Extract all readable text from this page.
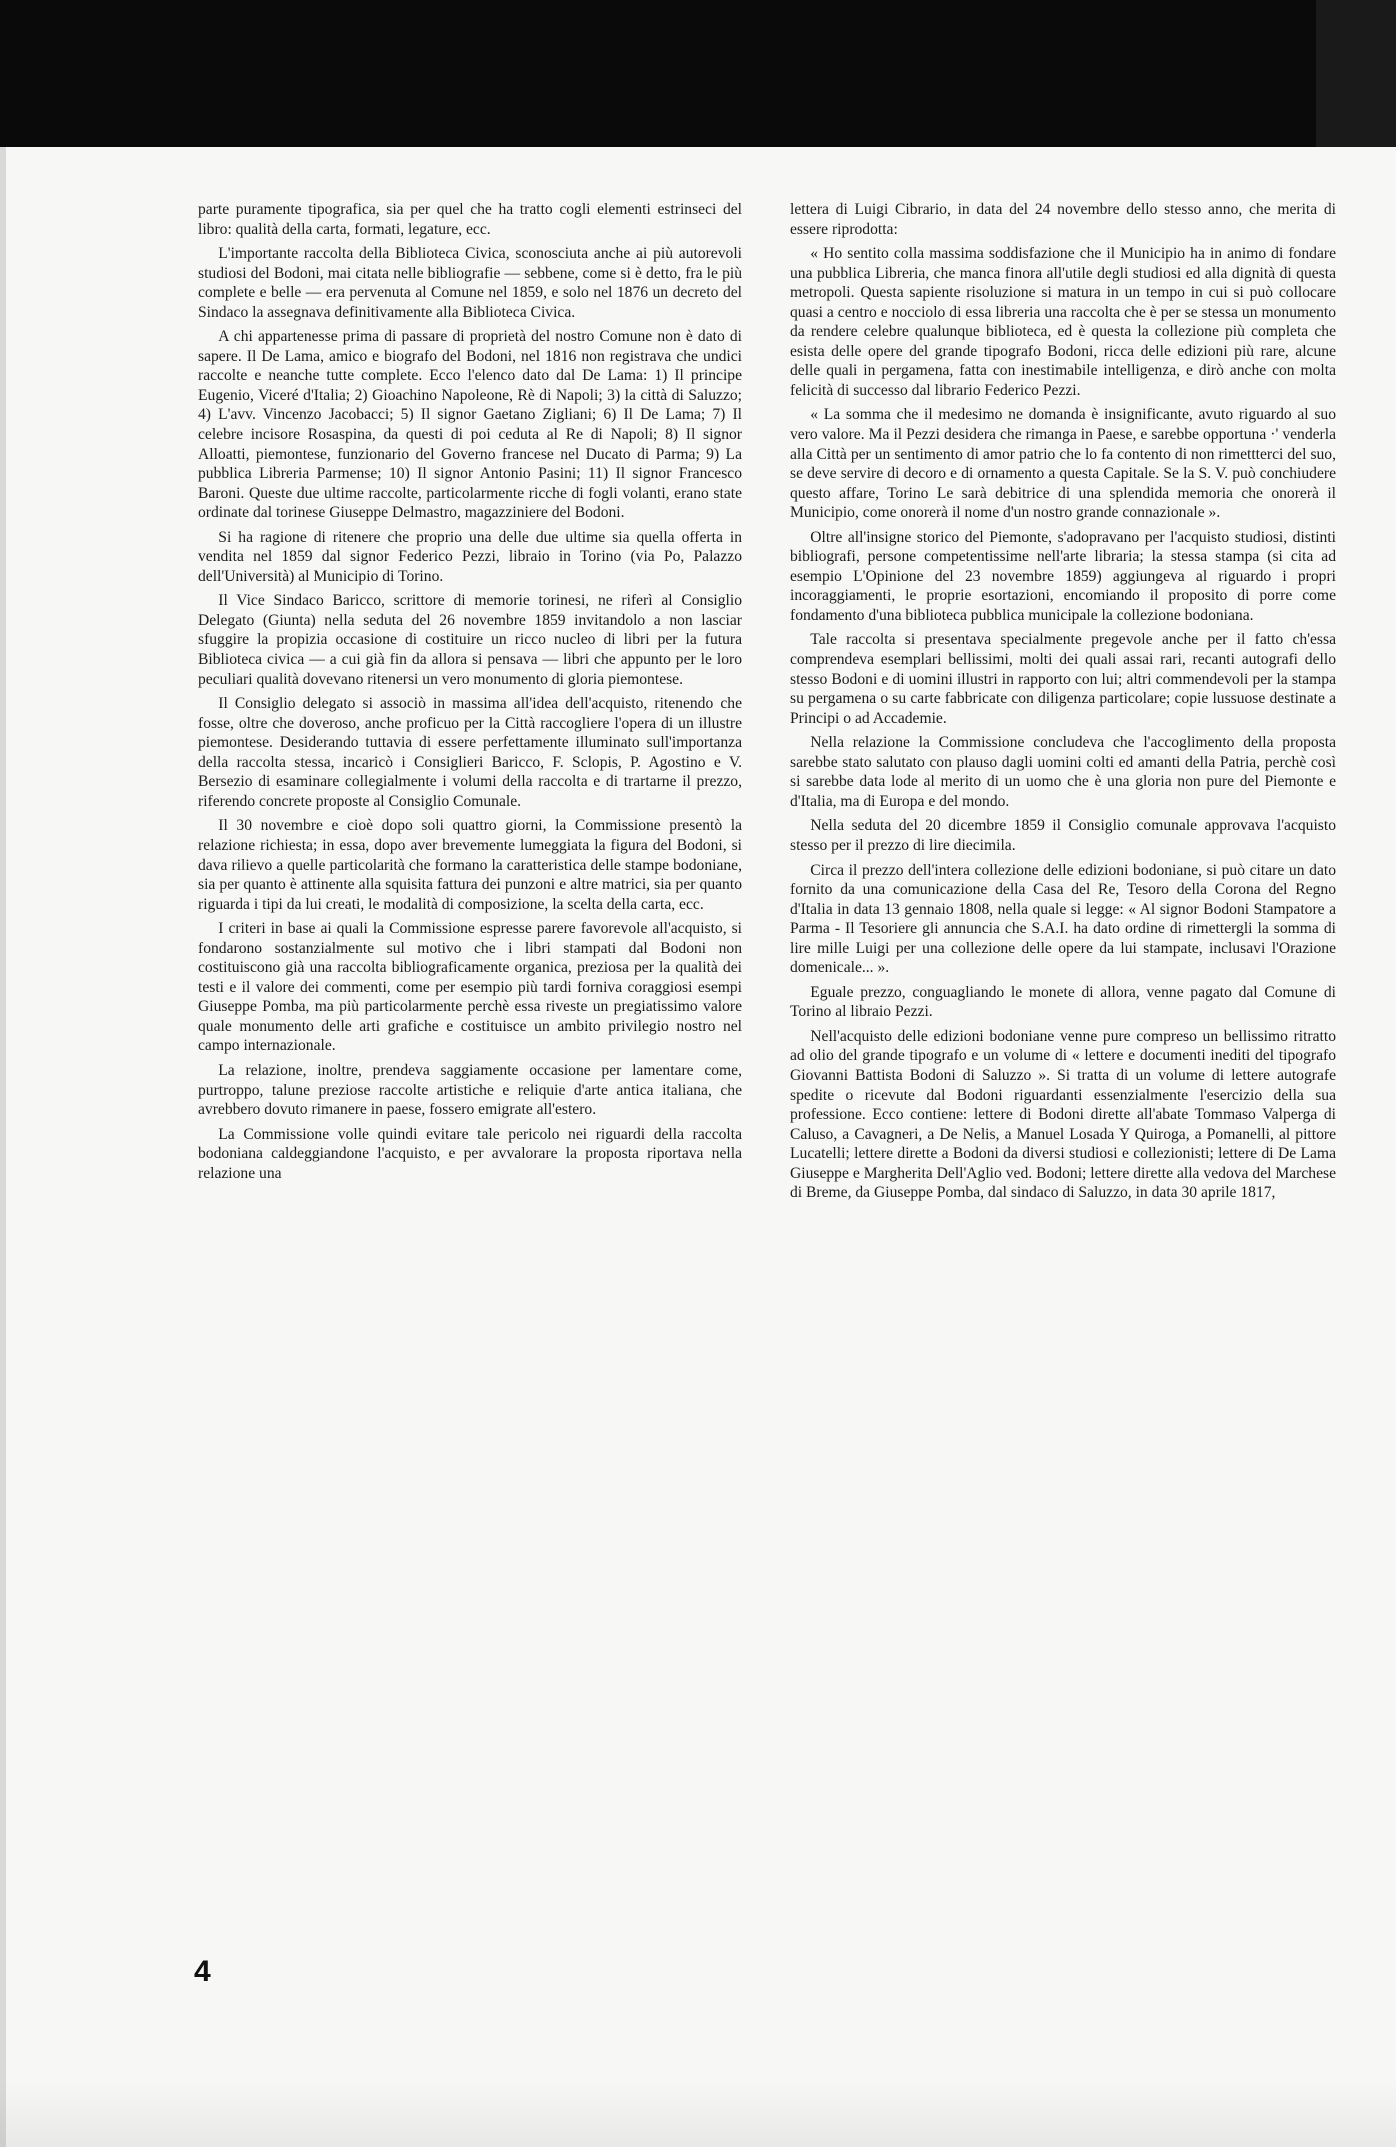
parte puramente tipografica, sia per quel che ha tratto cogli elementi estrinseci del libro: qualità della carta, formati, legature, ecc.

L'importante raccolta della Biblioteca Civica, sconosciuta anche ai più autorevoli studiosi del Bodoni, mai citata nelle bibliografie — sebbene, come si è detto, fra le più complete e belle — era pervenuta al Comune nel 1859, e solo nel 1876 un decreto del Sindaco la assegnava definitivamente alla Biblioteca Civica.

A chi appartenesse prima di passare di proprietà del nostro Comune non è dato di sapere. Il De Lama, amico e biografo del Bodoni, nel 1816 non registrava che undici raccolte e neanche tutte complete. Ecco l'elenco dato dal De Lama: 1) Il principe Eugenio, Viceré d'Italia; 2) Gioachino Napoleone, Rè di Napoli; 3) la città di Saluzzo; 4) L'avv. Vincenzo Jacobacci; 5) Il signor Gaetano Zigliani; 6) Il De Lama; 7) Il celebre incisore Rosaspina, da questi di poi ceduta al Re di Napoli; 8) Il signor Alloatti, piemontese, funzionario del Governo francese nel Ducato di Parma; 9) La pubblica Libreria Parmense; 10) Il signor Antonio Pasini; 11) Il signor Francesco Baroni. Queste due ultime raccolte, particolarmente ricche di fogli volanti, erano state ordinate dal torinese Giuseppe Delmastro, magazziniere del Bodoni.

Si ha ragione di ritenere che proprio una delle due ultime sia quella offerta in vendita nel 1859 dal signor Federico Pezzi, libraio in Torino (via Po, Palazzo dell'Università) al Municipio di Torino.

Il Vice Sindaco Baricco, scrittore di memorie torinesi, ne riferì al Consiglio Delegato (Giunta) nella seduta del 26 novembre 1859 invitandolo a non lasciar sfuggire la propizia occasione di costituire un ricco nucleo di libri per la futura Biblioteca civica — a cui già fin da allora si pensava — libri che appunto per le loro peculiari qualità dovevano ritenersi un vero monumento di gloria piemontese.

Il Consiglio delegato si associò in massima all'idea dell'acquisto, ritenendo che fosse, oltre che doveroso, anche proficuo per la Città raccogliere l'opera di un illustre piemontese. Desiderando tuttavia di essere perfettamente illuminato sull'importanza della raccolta stessa, incaricò i Consiglieri Baricco, F. Sclopis, P. Agostino e V. Bersezio di esaminare collegialmente i volumi della raccolta e di trartarne il prezzo, riferendo concrete proposte al Consiglio Comunale.

Il 30 novembre e cioè dopo soli quattro giorni, la Commissione presentò la relazione richiesta; in essa, dopo aver brevemente lumeggiata la figura del Bodoni, si dava rilievo a quelle particolarità che formano la caratteristica delle stampe bodoniane, sia per quanto è attinente alla squisita fattura dei punzoni e altre matrici, sia per quanto riguarda i tipi da lui creati, le modalità di composizione, la scelta della carta, ecc.

I criteri in base ai quali la Commissione espresse parere favorevole all'acquisto, si fondarono sostanzialmente sul motivo che i libri stampati dal Bodoni non costituiscono già una raccolta bibliograficamente organica, preziosa per la qualità dei testi e il valore dei commenti, come per esempio più tardi forniva coraggiosi esempi Giuseppe Pomba, ma più particolarmente perchè essa riveste un pregiatissimo valore quale monumento delle arti grafiche e costituisce un ambito privilegio nostro nel campo internazionale.

La relazione, inoltre, prendeva saggiamente occasione per lamentare come, purtroppo, talune preziose raccolte artistiche e reliquie d'arte antica italiana, che avrebbero dovuto rimanere in paese, fossero emigrate all'estero.

La Commissione volle quindi evitare tale pericolo nei riguardi della raccolta bodoniana caldeggiandone l'acquisto, e per avvalorare la proposta riportava nella relazione una

lettera di Luigi Cibrario, in data del 24 novembre dello stesso anno, che merita di essere riprodotta:

« Ho sentito colla massima soddisfazione che il Municipio ha in animo di fondare una pubblica Libreria, che manca finora all'utile degli studiosi ed alla dignità di questa metropoli. Questa sapiente risoluzione si matura in un tempo in cui si può collocare quasi a centro e nocciolo di essa libreria una raccolta che è per se stessa un monumento da rendere celebre qualunque biblioteca, ed è questa la collezione più completa che esista delle opere del grande tipografo Bodoni, ricca delle edizioni più rare, alcune delle quali in pergamena, fatta con inestimabile intelligenza, e dirò anche con molta felicità di successo dal librario Federico Pezzi.

« La somma che il medesimo ne domanda è insignificante, avuto riguardo al suo vero valore. Ma il Pezzi desidera che rimanga in Paese, e sarebbe opportuna ·' venderla alla Città per un sentimento di amor patrio che lo fa contento di non rimettterci del suo, se deve servire di decoro e di ornamento a questa Capitale. Se la S. V. può conchiudere questo affare, Torino Le sarà debitrice di una splendida memoria che onorerà il Municipio, come onorerà il nome d'un nostro grande connazionale ».

Oltre all'insigne storico del Piemonte, s'adopravano per l'acquisto studiosi, distinti bibliografi, persone competentissime nell'arte libraria; la stessa stampa (si cita ad esempio L'Opinione del 23 novembre 1859) aggiungeva al riguardo i propri incoraggiamenti, le proprie esortazioni, encomiando il proposito di porre come fondamento d'una biblioteca pubblica municipale la collezione bodoniana.

Tale raccolta si presentava specialmente pregevole anche per il fatto ch'essa comprendeva esemplari bellissimi, molti dei quali assai rari, recanti autografi dello stesso Bodoni e di uomini illustri in rapporto con lui; altri commendevoli per la stampa su pergamena o su carte fabbricate con diligenza particolare; copie lussuose destinate a Principi o ad Accademie.

Nella relazione la Commissione concludeva che l'accoglimento della proposta sarebbe stato salutato con plauso dagli uomini colti ed amanti della Patria, perchè così si sarebbe data lode al merito di un uomo che è una gloria non pure del Piemonte e d'Italia, ma di Europa e del mondo.

Nella seduta del 20 dicembre 1859 il Consiglio comunale approvava l'acquisto stesso per il prezzo di lire diecimila.

Circa il prezzo dell'intera collezione delle edizioni bodoniane, si può citare un dato fornito da una comunicazione della Casa del Re, Tesoro della Corona del Regno d'Italia in data 13 gennaio 1808, nella quale si legge: « Al signor Bodoni Stampatore a Parma - Il Tesoriere gli annuncia che S.A.I. ha dato ordine di rimettergli la somma di lire mille Luigi per una collezione delle opere da lui stampate, inclusavi l'Orazione domenicale... ».

Eguale prezzo, conguagliando le monete di allora, venne pagato dal Comune di Torino al libraio Pezzi.

Nell'acquisto delle edizioni bodoniane venne pure compreso un bellissimo ritratto ad olio del grande tipografo e un volume di « lettere e documenti inediti del tipografo Giovanni Battista Bodoni di Saluzzo ». Si tratta di un volume di lettere autografe spedite o ricevute dal Bodoni riguardanti essenzialmente l'esercizio della sua professione. Ecco contiene: lettere di Bodoni dirette all'abate Tommaso Valperga di Caluso, a Cavagneri, a De Nelis, a Manuel Losada Y Quiroga, a Pomanelli, al pittore Lucatelli; lettere dirette a Bodoni da diversi studiosi e collezionisti; lettere di De Lama Giuseppe e Margherita Dell'Aglio ved. Bodoni; lettere dirette alla vedova del Marchese di Breme, da Giuseppe Pomba, dal sindaco di Saluzzo, in data 30 aprile 1817,

4
